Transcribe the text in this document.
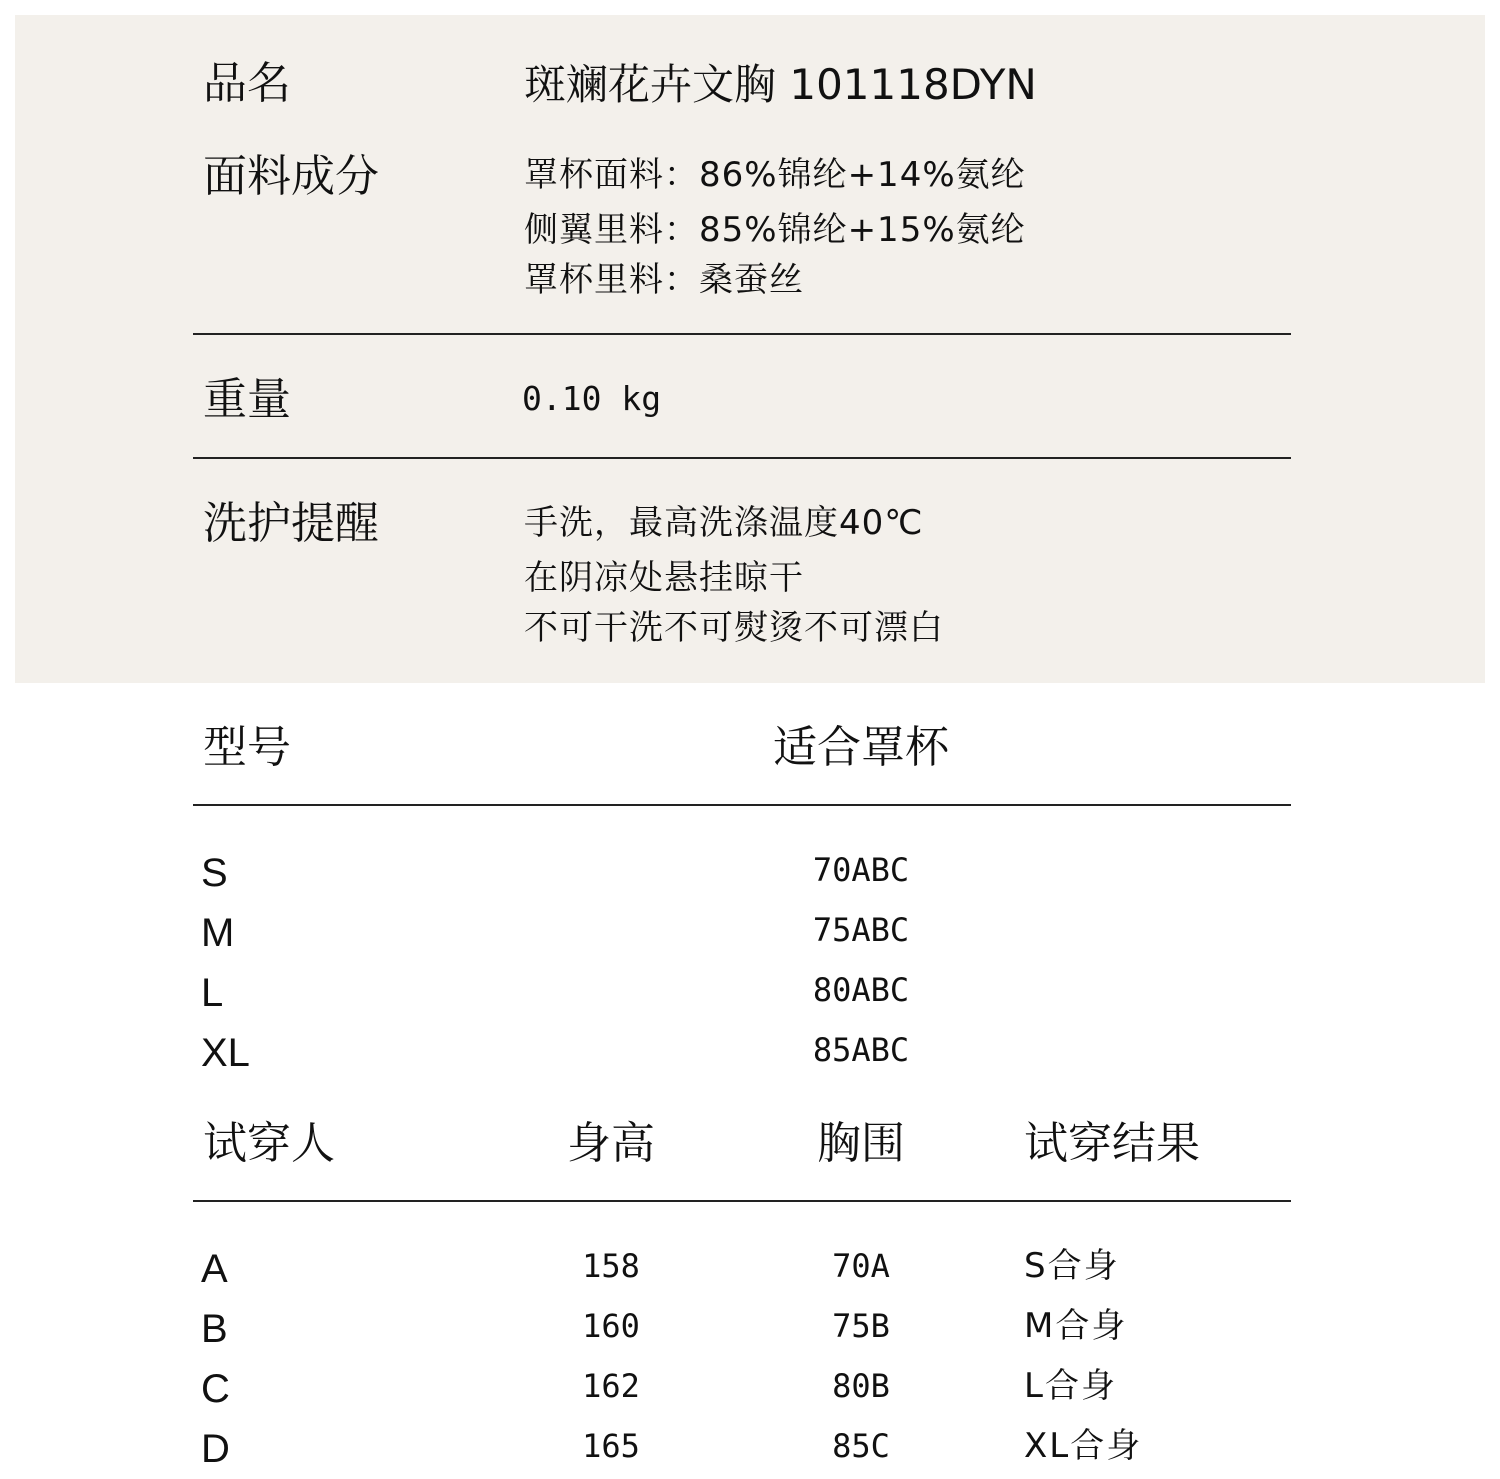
品名	斑斓花卉文胸 101118DYN
面料成分	罩杯面料：86%锦纶+14%氨纶
侧翼里料：85%锦纶+15%氨纶
罩杯里料：桑蚕丝
重量	0.10 kg
洗护提醒	手洗，最高洗涤温度40℃
在阴凉处悬挂晾干
不可干洗不可熨烫不可漂白
型号	适合罩杯
S	70ABC
M	75ABC
L	80ABC
XL	85ABC
试穿人	身高	胸围	试穿结果
A	158	70A	S合身
B	160	75B	M合身
C	162	80B	L合身
D	165	85C	XL合身
